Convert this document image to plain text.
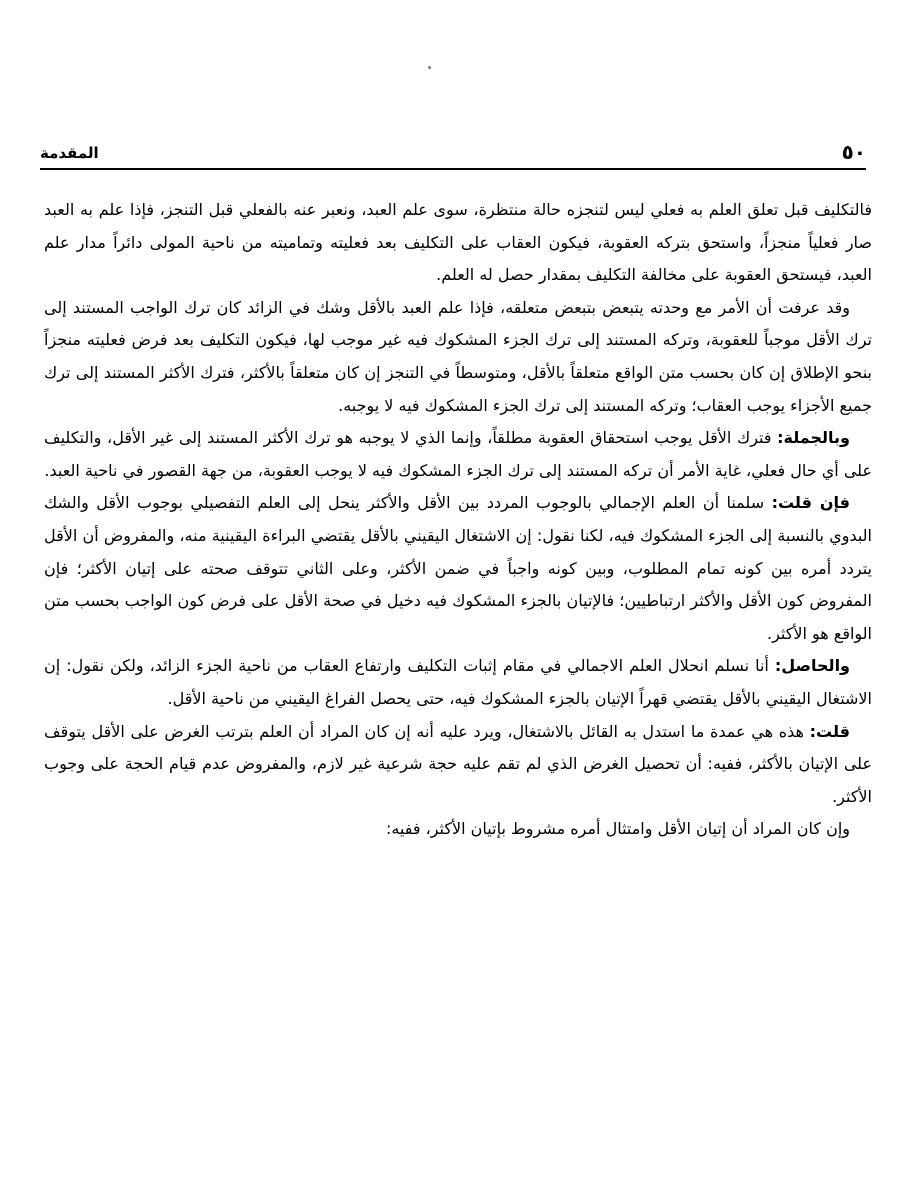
٥٠
المقدمة

فالتكليف قبل تعلق العلم به فعلي ليس لتنجزه حالة منتظرة، سوى علم العبد، ونعبر عنه بالفعلي قبل التنجز، فإذا علم به العبد صار فعلياً منجزاً، واستحق بتركه العقوبة، فيكون العقاب على التكليف بعد فعليته وتماميته من ناحية المولى دائراً مدار علم العبد، فيستحق العقوبة على مخالفة التكليف بمقدار حصل له العلم.

وقد عرفت أن الأمر مع وحدته يتبعض بتبعض متعلقه، فإذا علم العبد بالأقل وشك في الزائد كان ترك الواجب المستند إلى ترك الأقل موجباً للعقوبة، وتركه المستند إلى ترك الجزء المشكوك فيه غير موجب لها، فيكون التكليف بعد فرض فعليته منجزاً بنحو الإطلاق إن كان بحسب متن الواقع متعلقاً بالأقل، ومتوسطاً في التنجز إن كان متعلقاً بالأكثر، فترك الأكثر المستند إلى ترك جميع الأجزاء يوجب العقاب؛ وتركه المستند إلى ترك الجزء المشكوك فيه لا يوجبه.

وبالجملة: فترك الأقل يوجب استحقاق العقوبة مطلقاً، وإنما الذي لا يوجبه هو ترك الأكثر المستند إلى غير الأقل، والتكليف على أي حال فعلي، غاية الأمر أن تركه المستند إلى ترك الجزء المشكوك فيه لا يوجب العقوبة، من جهة القصور في ناحية العبد.

فإن قلت: سلمنا أن العلم الإجمالي بالوجوب المردد بين الأقل والأكثر ينحل إلى العلم التفصيلي بوجوب الأقل والشك البدوي بالنسبة إلى الجزء المشكوك فيه، لكنا نقول: إن الاشتغال اليقيني بالأقل يقتضي البراءة اليقينية منه، والمفروض أن الأقل يتردد أمره بين كونه تمام المطلوب، وبين كونه واجباً في ضمن الأكثر، وعلى الثاني تتوقف صحته على إتيان الأكثر؛ فإن المفروض كون الأقل والأكثر ارتباطيين؛ فالإتيان بالجزء المشكوك فيه دخيل في صحة الأقل على فرض كون الواجب بحسب متن الواقع هو الأكثر.

والحاصل: أنا نسلم انحلال العلم الاجمالي في مقام إثبات التكليف وارتفاع العقاب من ناحية الجزء الزائد، ولكن نقول: إن الاشتغال اليقيني بالأقل يقتضي قهراً الإتيان بالجزء المشكوك فيه، حتى يحصل الفراغ اليقيني من ناحية الأقل.

قلت: هذه هي عمدة ما استدل به القائل بالاشتغال، ويرد عليه أنه إن كان المراد أن العلم بترتب الغرض على الأقل يتوقف على الإتيان بالأكثر، ففيه: أن تحصيل الغرض الذي لم تقم عليه حجة شرعية غير لازم، والمفروض عدم قيام الحجة على وجوب الأكثر.

وإن كان المراد أن إتيان الأقل وامتثال أمره مشروط بإتيان الأكثر، ففيه:
